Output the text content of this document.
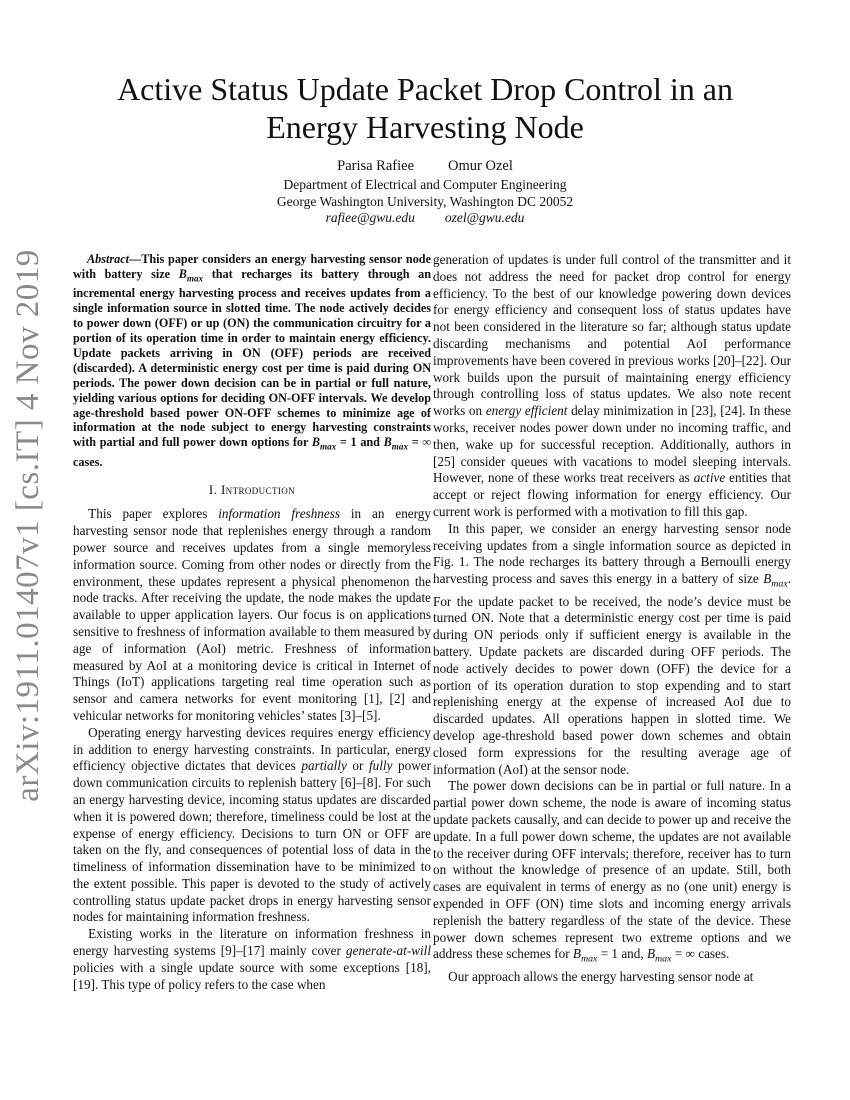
arXiv:1911.01407v1 [cs.IT] 4 Nov 2019
Active Status Update Packet Drop Control in an
Energy Harvesting Node
Parisa Rafiee Omur Ozel
Department of Electrical and Computer Engineering
George Washington University, Washington DC 20052
rafiee@gwu.edu ozel@gwu.edu

Abstract—This paper considers an energy harvesting sensor node with battery size $B_{max}$ that recharges its battery through an incremental energy harvesting process and receives updates from a single information source in slotted time. The node actively decides to power down (OFF) or up (ON) the communication circuitry for a portion of its operation time in order to maintain energy efficiency. Update packets arriving in ON (OFF) periods are received (discarded). A deterministic energy cost per time is paid during ON periods. The power down decision can be in partial or full nature, yielding various options for deciding ON-OFF intervals. We develop age-threshold based power ON-OFF schemes to minimize age of information at the node subject to energy harvesting constraints with partial and full power down options for $B_{max} = 1$ and $B_{max}$ = ∞ cases.

I. Introduction

This paper explores information freshness in an energy harvesting sensor node that replenishes energy through a random power source and receives updates from a single memoryless information source. Coming from other nodes or directly from the environment, these updates represent a physical phenomenon the node tracks. After receiving the update, the node makes the update available to upper application layers. Our focus is on applications sensitive to freshness of information available to them measured by age of information (AoI) metric. Freshness of information measured by AoI at a monitoring device is critical in Internet of Things (IoT) applications targeting real time operation such as sensor and camera networks for event monitoring [1], [2] and vehicular networks for monitoring vehicles’ states [3]–[5].

Operating energy harvesting devices requires energy efficiency in addition to energy harvesting constraints. In particular, energy efficiency objective dictates that devices partially or fully power down communication circuits to replenish battery [6]–[8]. For such an energy harvesting device, incoming status updates are discarded when it is powered down; therefore, timeliness could be lost at the expense of energy efficiency. Decisions to turn ON or OFF are taken on the fly, and consequences of potential loss of data in the timeliness of information dissemination have to be minimized to the extent possible. This paper is devoted to the study of actively controlling status update packet drops in energy harvesting sensor nodes for maintaining information freshness.

Existing works in the literature on information freshness in energy harvesting systems [9]–[17] mainly cover generate-at-will policies with a single update source with some exceptions [18], [19]. This type of policy refers to the case when

generation of updates is under full control of the transmitter and it does not address the need for packet drop control for energy efficiency. To the best of our knowledge powering down devices for energy efficiency and consequent loss of status updates have not been considered in the literature so far; although status update discarding mechanisms and potential AoI performance improvements have been covered in previous works [20]–[22]. Our work builds upon the pursuit of maintaining energy efficiency through controlling loss of status updates. We also note recent works on energy efficient delay minimization in [23], [24]. In these works, receiver nodes power down under no incoming traffic, and then, wake up for successful reception. Additionally, authors in [25] consider queues with vacations to model sleeping intervals. However, none of these works treat receivers as active entities that accept or reject flowing information for energy efficiency. Our current work is performed with a motivation to fill this gap.

In this paper, we consider an energy harvesting sensor node receiving updates from a single information source as depicted in Fig. 1. The node recharges its battery through a Bernoulli energy harvesting process and saves this energy in a battery of size $B_{max}$. For the update packet to be received, the node’s device must be turned ON. Note that a deterministic energy cost per time is paid during ON periods only if sufficient energy is available in the battery. Update packets are discarded during OFF periods. The node actively decides to power down (OFF) the device for a portion of its operation duration to stop expending and to start replenishing energy at the expense of increased AoI due to discarded updates. All operations happen in slotted time. We develop age-threshold based power down schemes and obtain closed form expressions for the resulting average age of information (AoI) at the sensor node.

The power down decisions can be in partial or full nature. In a partial power down scheme, the node is aware of incoming status update packets causally, and can decide to power up and receive the update. In a full power down scheme, the updates are not available to the receiver during OFF intervals; therefore, receiver has to turn on without the knowledge of presence of an update. Still, both cases are equivalent in terms of energy as no (one unit) energy is expended in OFF (ON) time slots and incoming energy arrivals replenish the battery regardless of the state of the device. These power down schemes represent two extreme options and we address these schemes for $B_{max} = 1$ and, $B_{max}$ = ∞ cases.

Our approach allows the energy harvesting sensor node at
